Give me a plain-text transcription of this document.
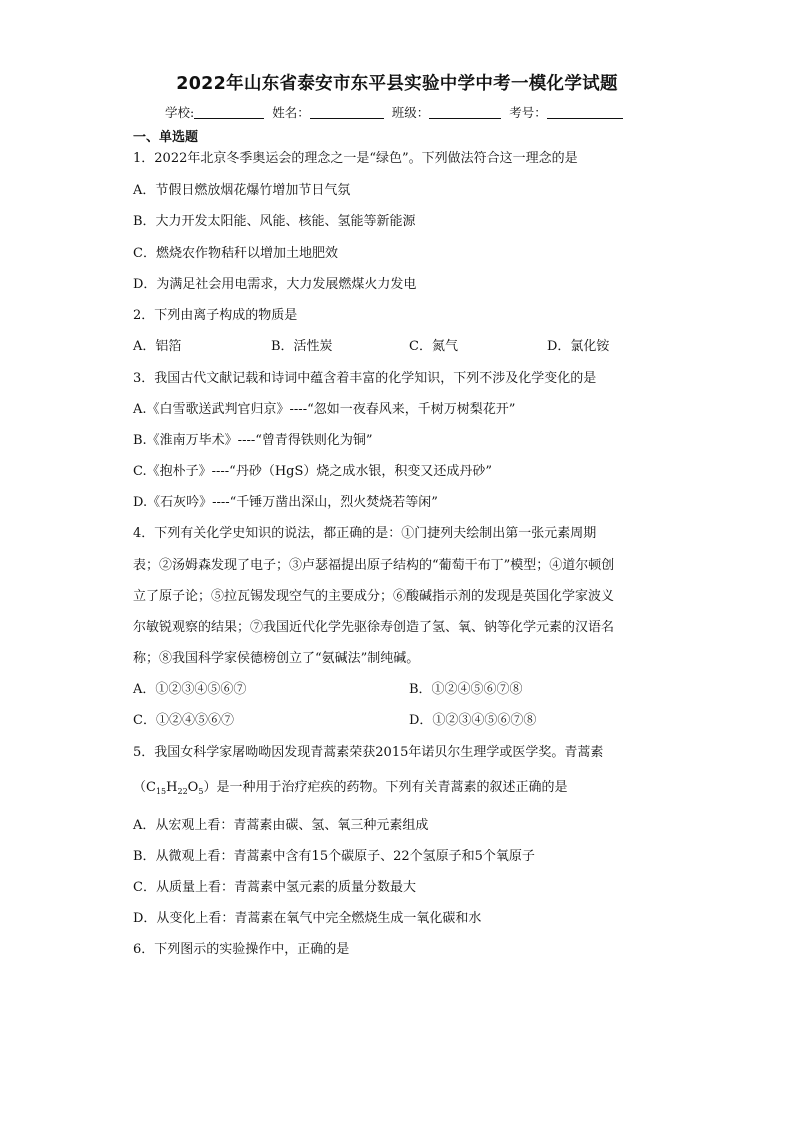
2022年山东省泰安市东平县实验中学中考一模化学试题
学校:	姓名：	班级：	考号：
一、单选题
1．2022年北京冬季奥运会的理念之一是“绿色”。下列做法符合这一理念的是
A．节假日燃放烟花爆竹增加节日气氛
B．大力开发太阳能、风能、核能、氢能等新能源
C．燃烧农作物秸秆以增加土地肥效
D．为满足社会用电需求，大力发展燃煤火力发电
2．下列由离子构成的物质是
A．铝箔	B．活性炭	C．氮气	D．氯化铵
3．我国古代文献记载和诗词中蕴含着丰富的化学知识，下列不涉及化学变化的是
A.《白雪歌送武判官归京》----“忽如一夜春风来，千树万树梨花开”
B.《淮南万毕术》----“曾青得铁则化为铜”
C.《抱朴子》----“丹砂（HgS）烧之成水银，积变又还成丹砂”
D.《石灰吟》----“千锤万凿出深山，烈火焚烧若等闲”
4．下列有关化学史知识的说法，都正确的是：①门捷列夫绘制出第一张元素周期
表；②汤姆森发现了电子；③卢瑟福提出原子结构的“葡萄干布丁”模型；④道尔顿创
立了原子论；⑤拉瓦锡发现空气的主要成分；⑥酸碱指示剂的发现是英国化学家波义
尔敏锐观察的结果；⑦我国近代化学先驱徐寿创造了氢、氧、钠等化学元素的汉语名
称；⑧我国科学家侯德榜创立了“氨碱法”制纯碱。
A．①②③④⑤⑥⑦	B．①②④⑤⑥⑦⑧
C．①②④⑤⑥⑦	D．①②③④⑤⑥⑦⑧
5．我国女科学家屠呦呦因发现青蒿素荣获2015年诺贝尔生理学或医学奖。青蒿素
$(C_{15}H_{22}O_5)$是一种用于治疗疟疾的药物。下列有关青蒿素的叙述正确的是
A．从宏观上看：青蒿素由碳、氢、氧三种元素组成
B．从微观上看：青蒿素中含有15个碳原子、22个氢原子和5个氧原子
C．从质量上看：青蒿素中氢元素的质量分数最大
D．从变化上看：青蒿素在氧气中完全燃烧生成一氧化碳和水
6．下列图示的实验操作中，正确的是
